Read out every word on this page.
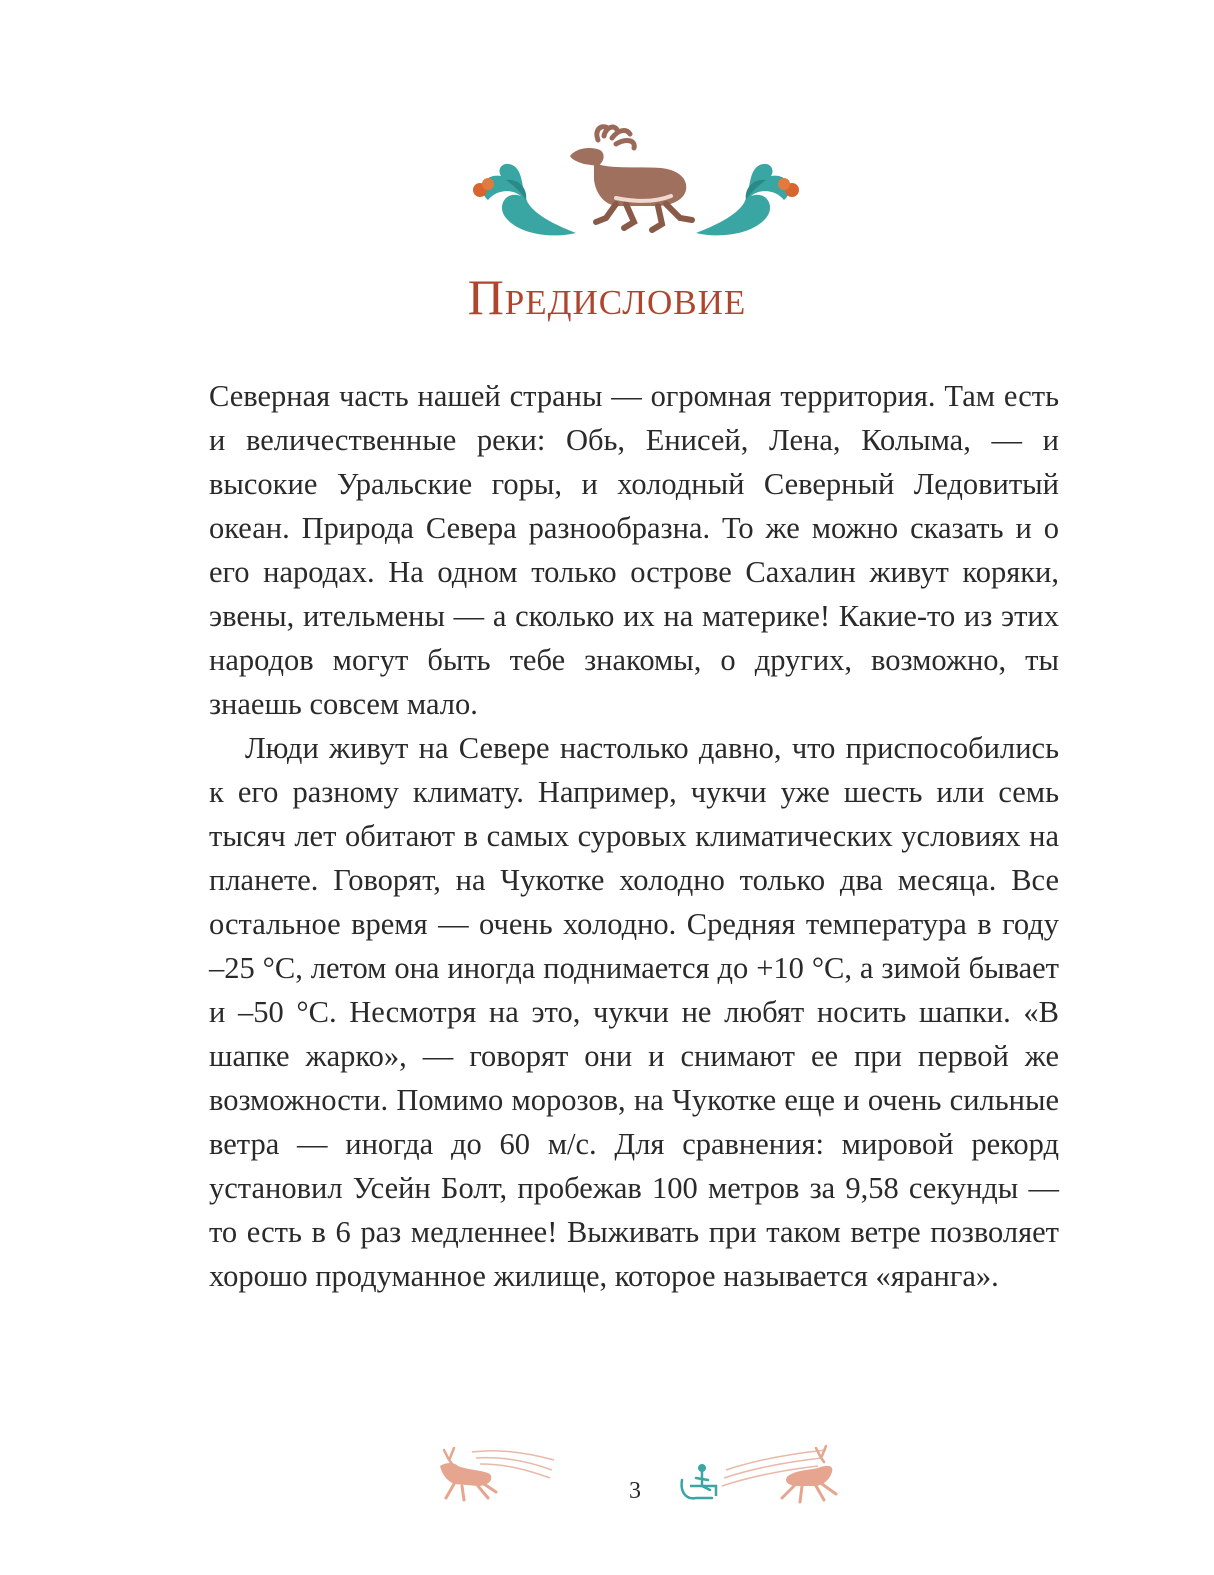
Предисловие

Северная часть нашей страны — огромная территория. Там есть и величественные реки: Обь, Енисей, Лена, Колыма, — и высокие Уральские горы, и холодный Северный Ледовитый океан. Природа Севера разнообразна. То же можно сказать и о его народах. На одном только острове Сахалин живут коряки, эвены, ительмены — а сколько их на материке! Какие-то из этих народов могут быть тебе знакомы, о других, возможно, ты знаешь совсем мало.

Люди живут на Севере настолько давно, что приспособились к его разному климату. Например, чукчи уже шесть или семь тысяч лет обитают в самых суровых климатических условиях на планете. Говорят, на Чукотке холодно только два месяца. Все остальное время — очень холодно. Средняя температура в году –25 °C, летом она иногда поднимается до +10 °C, а зимой бывает и –50 °C. Несмотря на это, чукчи не любят носить шапки. «В шапке жарко», — говорят они и снимают ее при первой же возможности. Помимо морозов, на Чукотке еще и очень сильные ветра — иногда до 60 м/с. Для сравнения: мировой рекорд установил Усейн Болт, пробежав 100 метров за 9,58 секунды — то есть в 6 раз медленнее! Выживать при таком ветре позволяет хорошо продуманное жилище, которое называется «яранга».

3
